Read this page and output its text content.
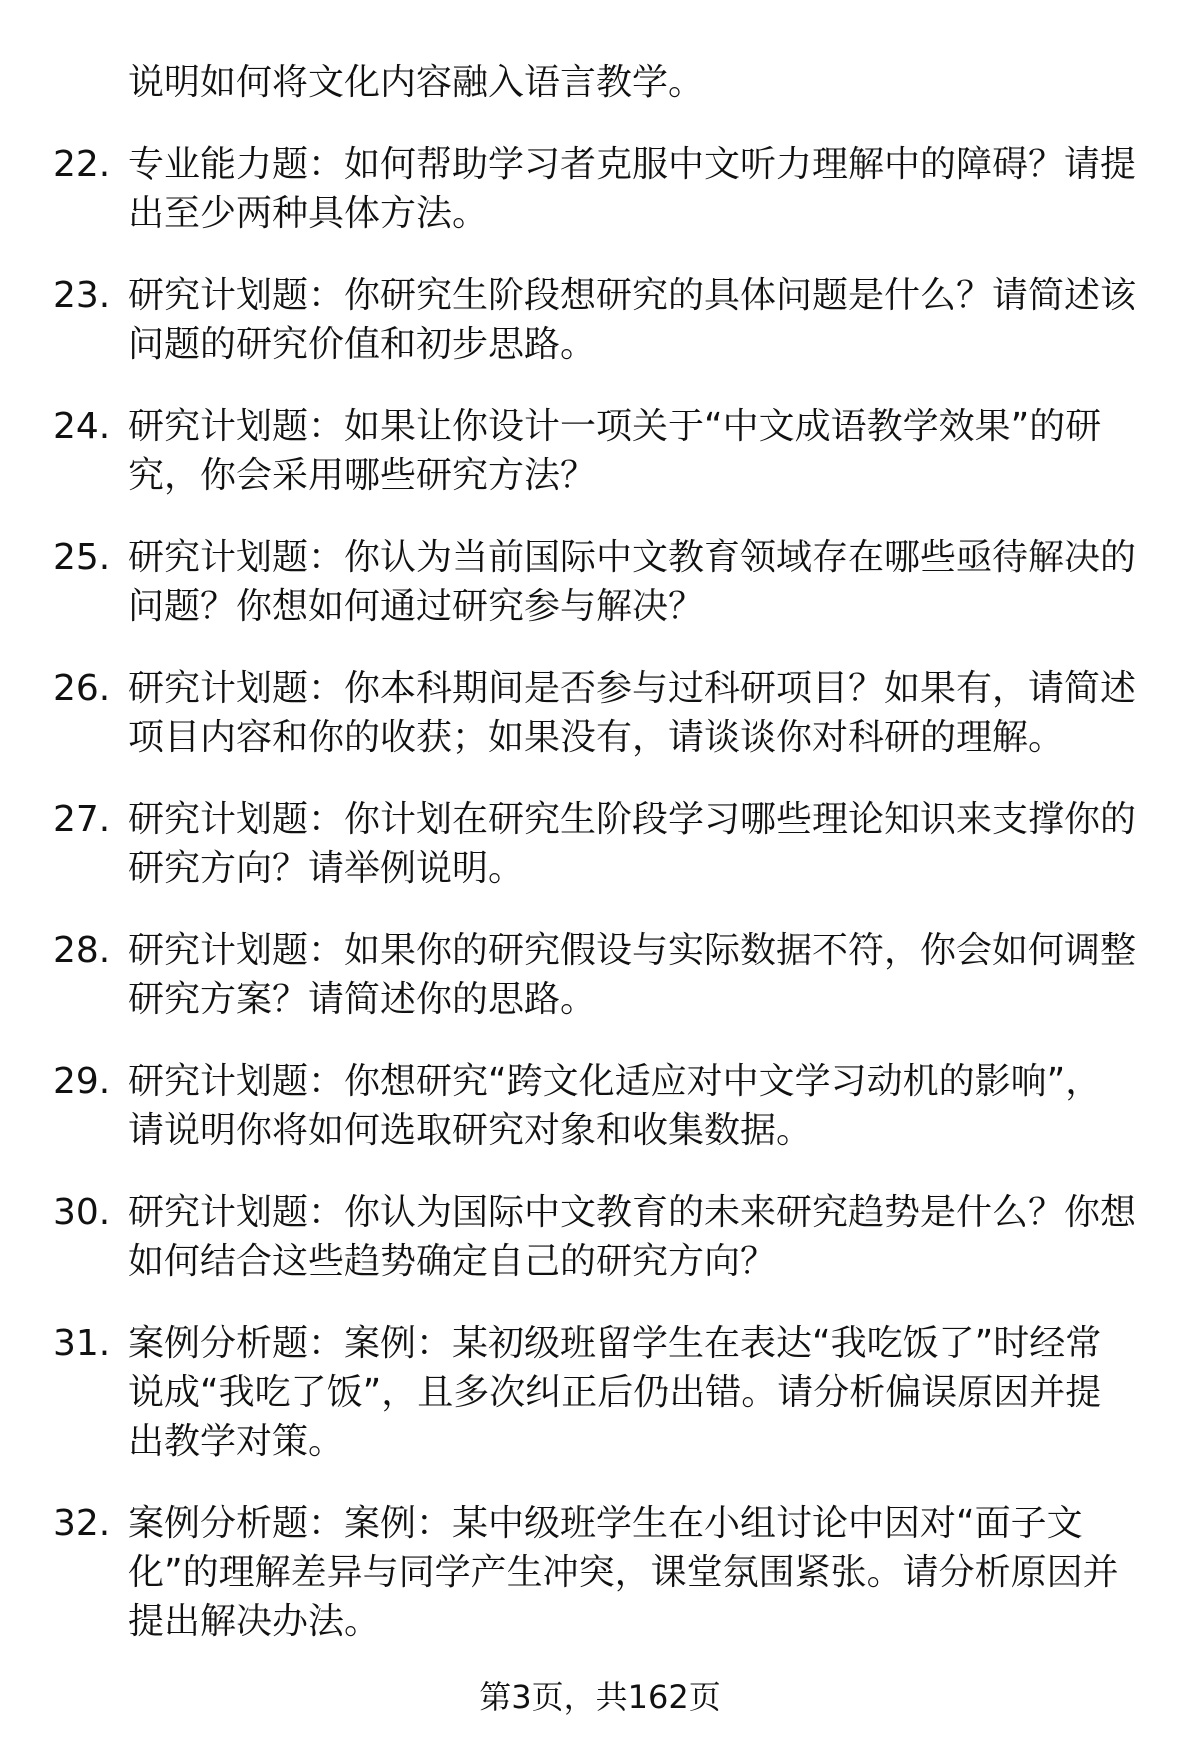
说明如何将文化内容融入语言教学。
22. 专业能力题：如何帮助学习者克服中文听力理解中的障碍？请提
出至少两种具体方法。
23. 研究计划题：你研究生阶段想研究的具体问题是什么？请简述该
问题的研究价值和初步思路。
24. 研究计划题：如果让你设计一项关于“中文成语教学效果”的研
究，你会采用哪些研究方法？
25. 研究计划题：你认为当前国际中文教育领域存在哪些亟待解决的
问题？你想如何通过研究参与解决？
26. 研究计划题：你本科期间是否参与过科研项目？如果有，请简述
项目内容和你的收获；如果没有，请谈谈你对科研的理解。
27. 研究计划题：你计划在研究生阶段学习哪些理论知识来支撑你的
研究方向？请举例说明。
28. 研究计划题：如果你的研究假设与实际数据不符，你会如何调整
研究方案？请简述你的思路。
29. 研究计划题：你想研究“跨文化适应对中文学习动机的影响”，
请说明你将如何选取研究对象和收集数据。
30. 研究计划题：你认为国际中文教育的未来研究趋势是什么？你想
如何结合这些趋势确定自己的研究方向？
31. 案例分析题：案例：某初级班留学生在表达“我吃饭了”时经常
说成“我吃了饭”，且多次纠正后仍出错。请分析偏误原因并提
出教学对策。
32. 案例分析题：案例：某中级班学生在小组讨论中因对“面子文
化”的理解差异与同学产生冲突，课堂氛围紧张。请分析原因并
提出解决办法。
第3页，共162页
